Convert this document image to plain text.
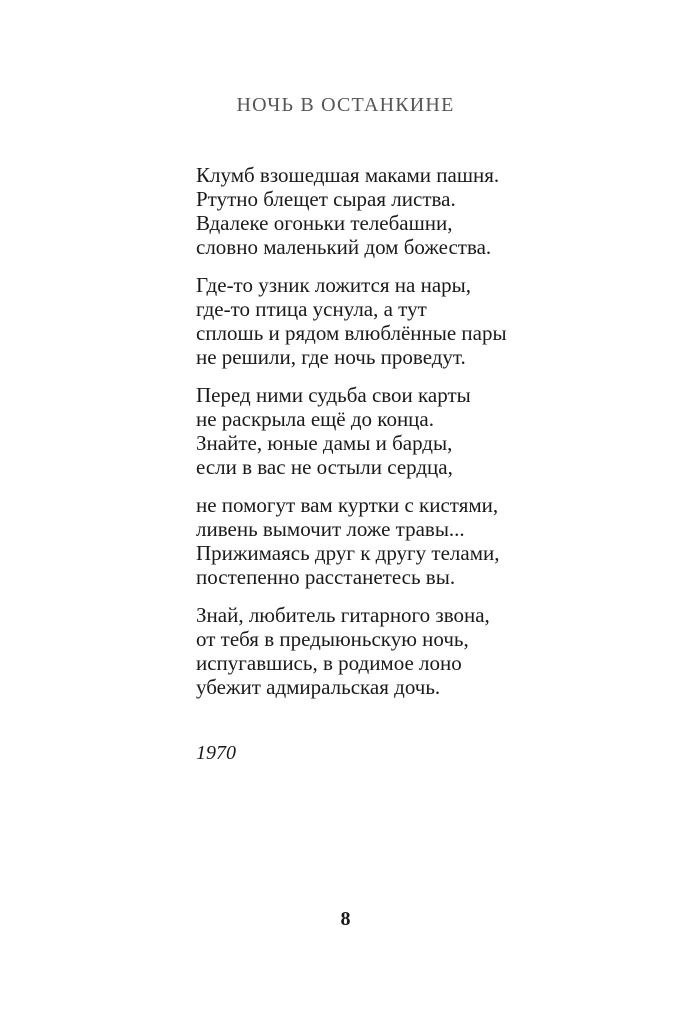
НОЧЬ В ОСТАНКИНЕ
Клумб взошедшая маками пашня.
Ртутно блещет сырая листва.
Вдалеке огоньки телебашни,
словно маленький дом божества.
Где-то узник ложится на нары,
где-то птица уснула, а тут
сплошь и рядом влюблённые пары
не решили, где ночь проведут.
Перед ними судьба свои карты
не раскрыла ещё до конца.
Знайте, юные дамы и барды,
если в вас не остыли сердца,
не помогут вам куртки с кистями,
ливень вымочит ложе травы...
Прижимаясь друг к другу телами,
постепенно расстанетесь вы.
Знай, любитель гитарного звона,
от тебя в предыюньскую ночь,
испугавшись, в родимое лоно
убежит адмиральская дочь.
1970
8
